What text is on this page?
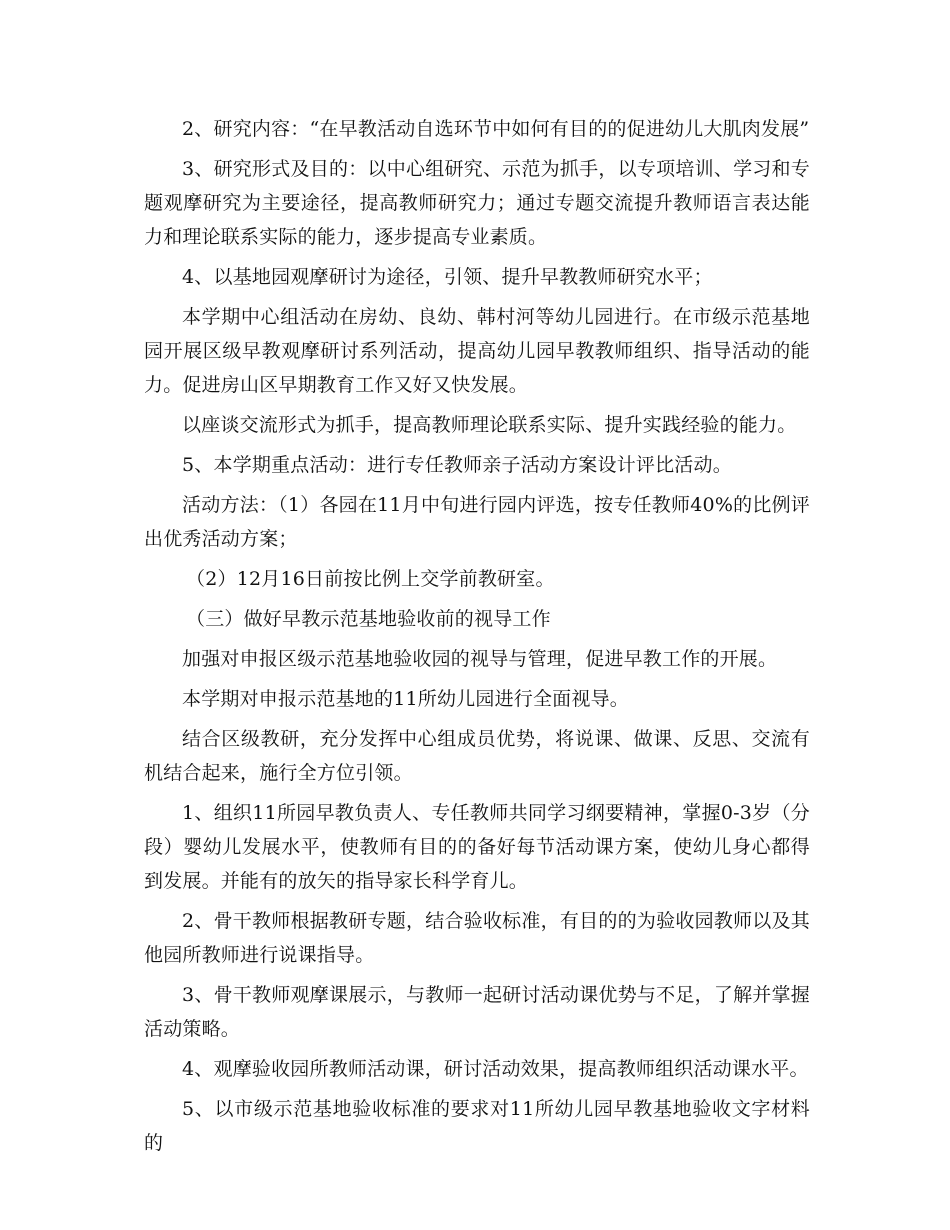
2、研究内容：“在早教活动自选环节中如何有目的的促进幼儿大肌肉发展”

3、研究形式及目的：以中心组研究、示范为抓手，以专项培训、学习和专题观摩研究为主要途径，提高教师研究力；通过专题交流提升教师语言表达能力和理论联系实际的能力，逐步提高专业素质。

4、以基地园观摩研讨为途径，引领、提升早教教师研究水平；

本学期中心组活动在房幼、良幼、韩村河等幼儿园进行。在市级示范基地园开展区级早教观摩研讨系列活动，提高幼儿园早教教师组织、指导活动的能力。促进房山区早期教育工作又好又快发展。

以座谈交流形式为抓手，提高教师理论联系实际、提升实践经验的能力。

5、本学期重点活动：进行专任教师亲子活动方案设计评比活动。

活动方法：（1）各园在11月中旬进行园内评选，按专任教师40%的比例评出优秀活动方案；

（2）12月16日前按比例上交学前教研室。

（三）做好早教示范基地验收前的视导工作

加强对申报区级示范基地验收园的视导与管理，促进早教工作的开展。

本学期对申报示范基地的11所幼儿园进行全面视导。

结合区级教研，充分发挥中心组成员优势，将说课、做课、反思、交流有机结合起来，施行全方位引领。

1、组织11所园早教负责人、专任教师共同学习纲要精神，掌握0-3岁（分段）婴幼儿发展水平，使教师有目的的备好每节活动课方案，使幼儿身心都得到发展。并能有的放矢的指导家长科学育儿。

2、骨干教师根据教研专题，结合验收标准，有目的的为验收园教师以及其他园所教师进行说课指导。

3、骨干教师观摩课展示，与教师一起研讨活动课优势与不足，了解并掌握活动策略。

4、观摩验收园所教师活动课，研讨活动效果，提高教师组织活动课水平。

5、以市级示范基地验收标准的要求对11所幼儿园早教基地验收文字材料的
